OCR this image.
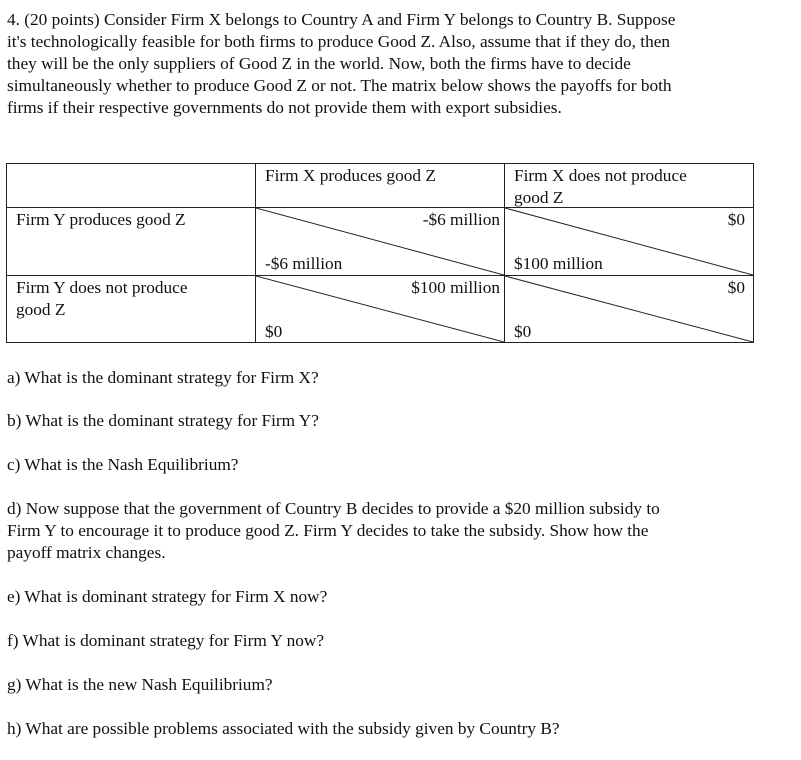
4. (20 points) Consider Firm X belongs to Country A and Firm Y belongs to Country B. Suppose
it's technologically feasible for both firms to produce Good Z. Also, assume that if they do, then
they will be the only suppliers of Good Z in the world. Now, both the firms have to decide
simultaneously whether to produce Good Z or not. The matrix below shows the payoffs for both
firms if their respective governments do not provide them with export subsidies.
Firm X produces good Z	Firm X does not produce
good Z
Firm Y produces good Z	-$6 million
-$6 million
$0
$100 million
Firm Y does not produce
good Z
$100 million
$0
$0
$0

a) What is the dominant strategy for Firm X?

b) What is the dominant strategy for Firm Y?

c) What is the Nash Equilibrium?

d) Now suppose that the government of Country B decides to provide a $20 million subsidy to
Firm Y to encourage it to produce good Z. Firm Y decides to take the subsidy. Show how the
payoff matrix changes.

e) What is dominant strategy for Firm X now?

f) What is dominant strategy for Firm Y now?

g) What is the new Nash Equilibrium?

h) What are possible problems associated with the subsidy given by Country B?
